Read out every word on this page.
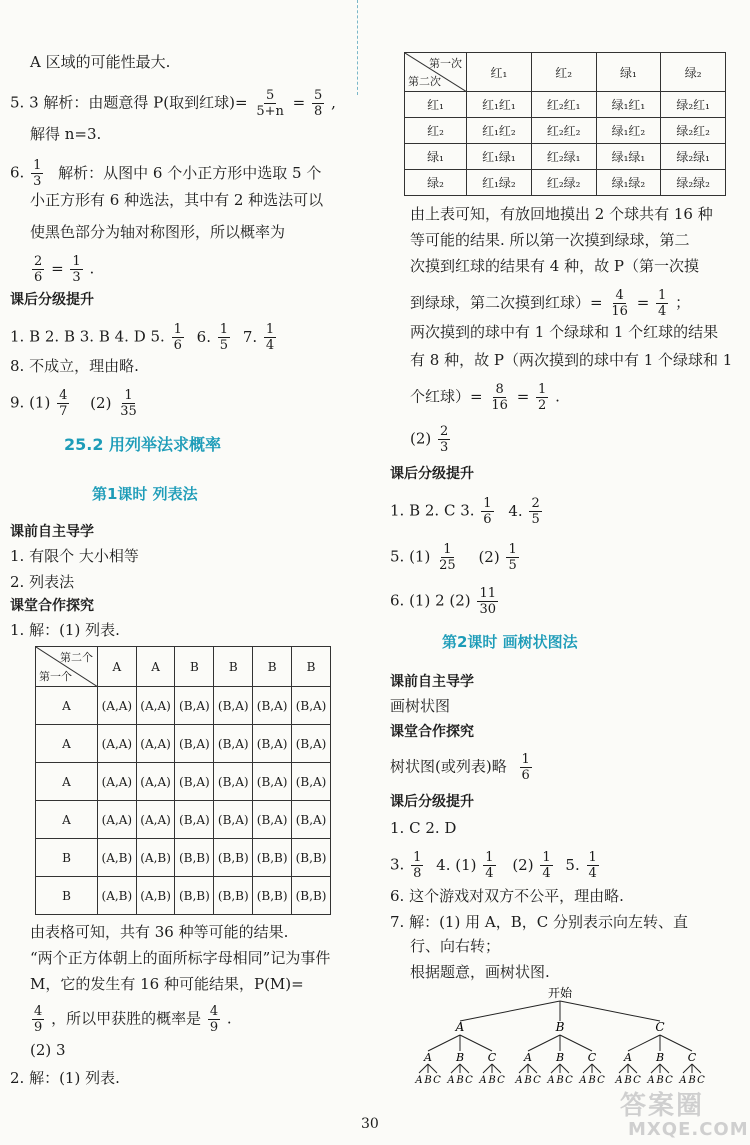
A 区域的可能性最大.
5. 3 解析：由题意得 P(取到红球)= $\frac{5}{5+n} = \frac{5}{8}$ ,
解得 n=3.
6. $\frac{1}{3}$ 解析：从图中 6 个小正方形中选取 5 个
小正方形有 6 种选法，其中有 2 种选法可以
使黑色部分为轴对称图形，所以概率为
$\frac{2}{6} = \frac{1}{3}$ .
课后分级提升
1. B 2. B 3. B 4. D 5. $\frac{1}{6} 6$. $\frac{1}{5} 7$. $\frac{1}{4}$
8. 不成立，理由略.
9. $(1) \frac{4}{7} (2) \frac{1}{35}$
25.2 用列举法求概率
第1课时 列表法
课前自主导学
1. 有限个 大小相等
2. 列表法
课堂合作探究
1. 解：(1) 列表.
第二个
第一个	A	A	B	B	B	B
A	(A,A)	(A,A)	(B,A)	(B,A)	(B,A)	(B,A)
A	(A,A)	(A,A)	(B,A)	(B,A)	(B,A)	(B,A)
A	(A,A)	(A,A)	(B,A)	(B,A)	(B,A)	(B,A)
A	(A,A)	(A,A)	(B,A)	(B,A)	(B,A)	(B,A)
B	(A,B)	(A,B)	(B,B)	(B,B)	(B,B)	(B,B)
B	(A,B)	(A,B)	(B,B)	(B,B)	(B,B)	(B,B)
由表格可知，共有 36 种等可能的结果.
“两个正方体朝上的面所标字母相同”记为事件
M，它的发生有 16 种可能结果，P(M)=
$\frac{4}{9}$ ，所以甲获胜的概率是 $\frac{4}{9}$ .
(2) 3
2. 解：(1) 列表.
第一次
第二次	红₁	红₂	绿₁	绿₂
红₁	红₁红₁	红₂红₁	绿₁红₁	绿₂红₁
红₂	红₁红₂	红₂红₂	绿₁红₂	绿₂红₂
绿₁	红₁绿₁	红₂绿₁	绿₁绿₁	绿₂绿₁
绿₂	红₁绿₂	红₂绿₂	绿₁绿₂	绿₂绿₂
由上表可知，有放回地摸出 2 个球共有 16 种
等可能的结果. 所以第一次摸到绿球，第二
次摸到红球的结果有 4 种，故 P（第一次摸
到绿球，第二次摸到红球）= $\frac{4}{16} = \frac{1}{4}$ ；
两次摸到的球中有 1 个绿球和 1 个红球的结果
有 8 种，故 P（两次摸到的球中有 1 个绿球和 1
个红球）= $\frac{8}{16} = \frac{1}{2}$ .
$(2) \frac{2}{3}$
课后分级提升
1. B 2. C 3. $\frac{1}{6} 4$. $\frac{2}{5}$
5. $(1) \frac{1}{25} (2) \frac{1}{5}$
6. (1) 2 $(2) \frac{11}{30}$
第2课时 画树状图法
课前自主导学
画树状图
课堂合作探究
树状图(或列表)略 $\frac{1}{6}$
课后分级提升
1. C 2. D
3. $\frac{1}{8} 4$. $(1) \frac{1}{4} (2) \frac{1}{4} 5$. $\frac{1}{4}$
6. 这个游戏对双方不公平，理由略.
7. 解：(1) 用 A，B，C 分别表示向左转、直
行、向右转；
根据题意，画树状图.
开始
A
A
A B C
B
A B C
C
A B C
B
A
A B C
B
A B C
C
A B C
C
A
A B C
B
A B C
C
A B C
30
答案圈
MXQE.COM
